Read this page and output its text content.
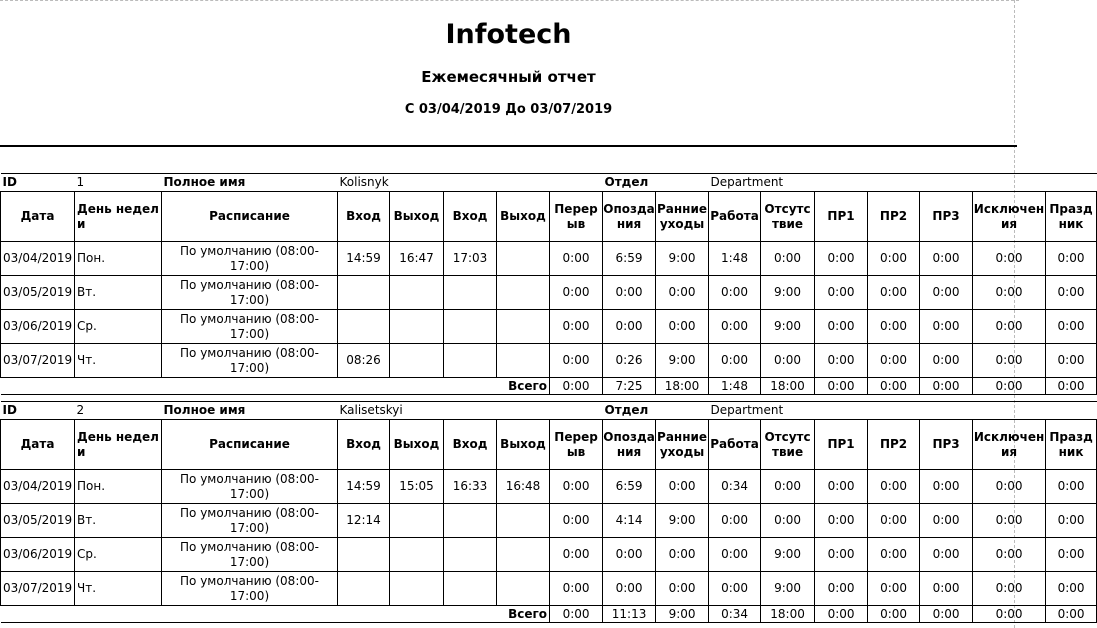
Infotech
Ежемесячный отчет
С 03/04/2019 До 03/07/2019
ID	1	Полное имя	Kolisnyk					Отдел		Department						
Дата	День недели	Расписание	Вход	Выход	Вход	Выход	Перерыв	Опоздания	Ранние уходы	Работа	Отсутствие	ПР1	ПР2	ПР3	Исключения	Праздник
03/04/2019	Пон.	По умолчанию (08:00-17:00)	14:59	16:47	17:03		0:00	6:59	9:00	1:48	0:00	0:00	0:00	0:00	0:00	0:00
03/05/2019	Вт.	По умолчанию (08:00-17:00)					0:00	0:00	0:00	0:00	9:00	0:00	0:00	0:00	0:00	0:00
03/06/2019	Ср.	По умолчанию (08:00-17:00)					0:00	0:00	0:00	0:00	9:00	0:00	0:00	0:00	0:00	0:00
03/07/2019	Чт.	По умолчанию (08:00-17:00)	08:26				0:00	0:26	9:00	0:00	0:00	0:00	0:00	0:00	0:00	0:00
						Всего	0:00	7:25	18:00	1:48	18:00	0:00	0:00	0:00	0:00	0:00
ID	2	Полное имя	Kalisetskyi					Отдел		Department						
Дата	День недели	Расписание	Вход	Выход	Вход	Выход	Перерыв	Опоздания	Ранние уходы	Работа	Отсутствие	ПР1	ПР2	ПР3	Исключения	Праздник
03/04/2019	Пон.	По умолчанию (08:00-17:00)	14:59	15:05	16:33	16:48	0:00	6:59	0:00	0:34	0:00	0:00	0:00	0:00	0:00	0:00
03/05/2019	Вт.	По умолчанию (08:00-17:00)	12:14				0:00	4:14	9:00	0:00	0:00	0:00	0:00	0:00	0:00	0:00
03/06/2019	Ср.	По умолчанию (08:00-17:00)					0:00	0:00	0:00	0:00	9:00	0:00	0:00	0:00	0:00	0:00
03/07/2019	Чт.	По умолчанию (08:00-17:00)					0:00	0:00	0:00	0:00	9:00	0:00	0:00	0:00	0:00	0:00
						Всего	0:00	11:13	9:00	0:34	18:00	0:00	0:00	0:00	0:00	0:00
